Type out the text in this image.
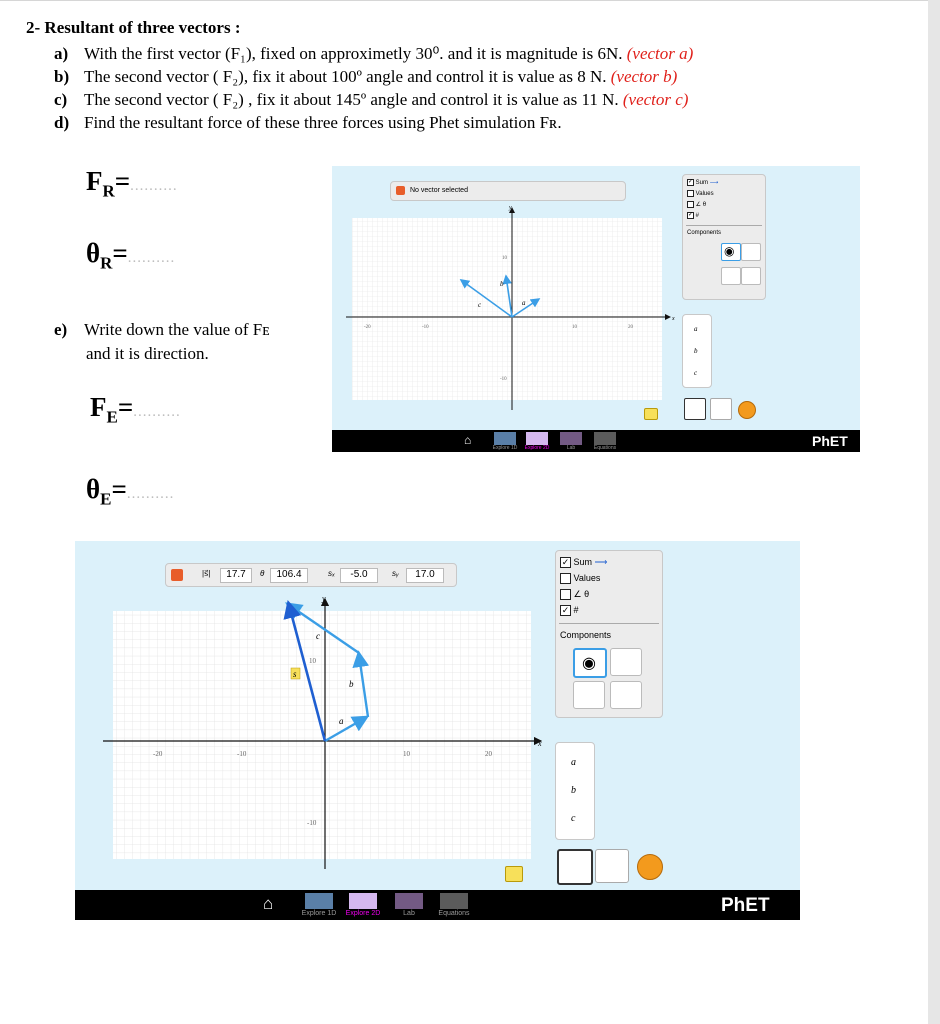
2- Resultant of three vectors :
a) With the first vector (F₁), fixed on approximetly 30⁰. and it is magnitude is 6N. (vector a)
b) The second vector ( F₂), fix it about 100º angle and control it is value as 8 N. (vector b)
c) The second vector ( F₂) , fix it about 145º angle and control it is value as 11 N. (vector c)
d) Find the resultant force of these three forces using Phet simulation Fʀ.
$F_R=$..........
$\theta_R=$..........
e) Write down the value of Fᴇ
and it is direction.
$F_E=$..........
$\theta_E=$..........
x
y
-20	-10	10	20
10
-10
a
b
c
No vector selected
✓ Sum ⟶
Values
∠ θ
✓ #
Components
◉
a
b
c
⌂
Explore 1D	Explore 2D	Lab	Equations	PhET
x
y
-20	-10	10	20
10
-10
a
b
c
s
|s⃗|	17.7	θ	106.4	sₓ	-5.0	sᵧ	17.0
✓ Sum ⟶
Values
∠ θ
✓ #
Components
◉
a
b
c
⌂
Explore 1D	Explore 2D	Lab	Equations	PhET
